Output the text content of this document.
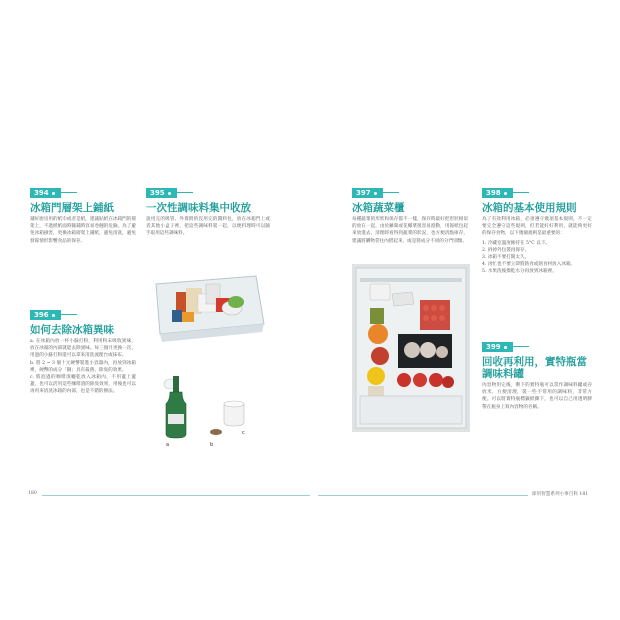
394
冰箱門層架上鋪紙

鋪好廚房用的紙巾或者是紙，建議貼紙在冰箱門的層架上，不過紙紙面時隨鋪時容易卷翹的危險。為了避免冰箱損害，更換冰箱層架上鋪紙，避免清洗，避免發霉情形影響食品的保存。

396
如何去除冰箱異味

a. 在冰箱內放一杯小蘇打粉，利用粉末吸收異味，放在冰箱的內部就能去除異味。每三個月更換一次，用過的小蘇打粉還可以拿來清洗流理台或抹布。

b. 將 2 ~ 3 個十元硬幣裝進小容器內，再放到冰箱裡，硬幣的成分「銅」具有殺菌、除臭的效果。

c. 將泡過的咖啡渣曬乾放入冰箱內，不用蓋上蓋蓋，也可以活用這些咖啡渣的除臭效果，用後也可以再用來清洗冰箱的內部，也是不錯的辦法。

395
一次性調味料集中收放

說用完的吸管、外賣附的沒用完的醬料包，放在冰箱門上或者其他小盒子裡，把這些調味料裝一起，以便料理時可以隨手取用這些調味料。

a	b
c
397
冰箱蔬菜櫃

每種蔬菜的形狀和保存都不一樣，保存時最好把形狀相似的放在一起，由於蘿蔔或花椰菜很容易滾動，用報紙包起來放進去，清理時看得到蔬菜的狀況，也方便清點庫存。建議將購物袋往內摺起來，或是將成分不同的分門別類。

398
冰箱的基本使用規則

為了有效利用冰箱，必須遵守幾項基本規則，不一定要完全遵守這些規則，但若能好好利用，就能夠更好的保存食物，以下幾個規則是最重要的：

1. 冷藏室溫度維持在 5°C 以下。

2. 拆掉外包裝再保存。

3. 冰箱不要打開太久。

4. 再忙也不要立即將熱食或熱食材放入冰箱。

5. 水果洗後擦乾水分再放到冰箱裡。

399
回收再利用，實特瓶當調味料罐

內容物用完後，剩下的實特瓶可以當作調味料罐或存放米，方便清理，裝一些不常用的調味料，非常方便。可以將實特瓶標籤紙撕下，也可以自己用透明膠帶在瓶身上寫內容物的名稱。

180	節用智慧系列小事百科 181
